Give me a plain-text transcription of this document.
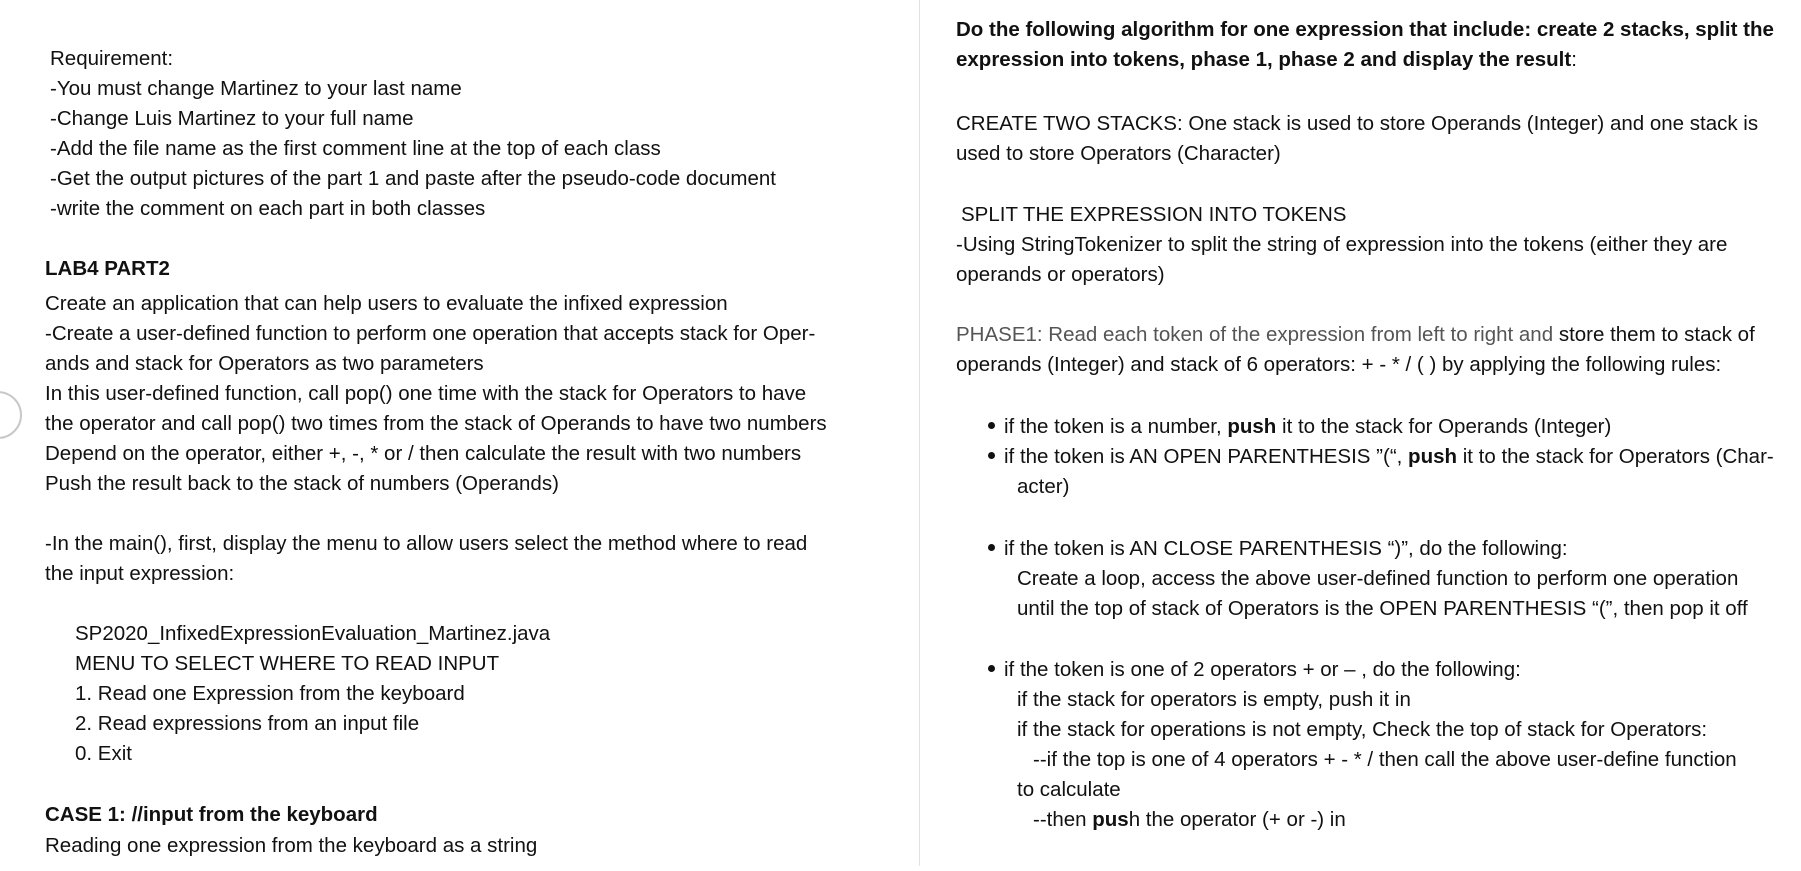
Requirement:
-You must change Martinez to your last name
-Change Luis Martinez to your full name
-Add the file name as the first comment line at the top of each class
-Get the output pictures of the part 1 and paste after the pseudo-code document
-write the comment on each part in both classes
LAB4 PART2
Create an application that can help users to evaluate the infixed expression
-Create a user-defined function to perform one operation that accepts stack for Oper-
ands and stack for Operators as two parameters
In this user-defined function, call pop() one time with the stack for Operators to have
the operator and call pop() two times from the stack of Operands to have two numbers
Depend on the operator, either +, -, * or / then calculate the result with two numbers
Push the result back to the stack of numbers (Operands)
-In the main(), first, display the menu to allow users select the method where to read
the input expression:
SP2020_InfixedExpressionEvaluation_Martinez.java
MENU TO SELECT WHERE TO READ INPUT
1. Read one Expression from the keyboard
2. Read expressions from an input file
0. Exit
CASE 1: //input from the keyboard
Reading one expression from the keyboard as a string
Do the following algorithm for one expression that include: create 2 stacks, split the
expression into tokens, phase 1, phase 2 and display the result:
CREATE TWO STACKS: One stack is used to store Operands (Integer) and one stack is
used to store Operators (Character)
SPLIT THE EXPRESSION INTO TOKENS
-Using StringTokenizer to split the string of expression into the tokens (either they are
operands or operators)
PHASE1: Read each token of the expression from left to right and store them to stack of
operands (Integer) and stack of 6 operators: + - * / ( ) by applying the following rules:
if the token is a number, push it to the stack for Operands (Integer)
if the token is AN OPEN PARENTHESIS ”(“, push it to the stack for Operators (Char-
acter)
if the token is AN CLOSE PARENTHESIS “)”, do the following:
Create a loop, access the above user-defined function to perform one operation
until the top of stack of Operators is the OPEN PARENTHESIS “(”, then pop it off
if the token is one of 2 operators + or – , do the following:
if the stack for operators is empty, push it in
if the stack for operations is not empty, Check the top of stack for Operators:
--if the top is one of 4 operators + - * / then call the above user-define function
to calculate
--then push the operator (+ or -) in
